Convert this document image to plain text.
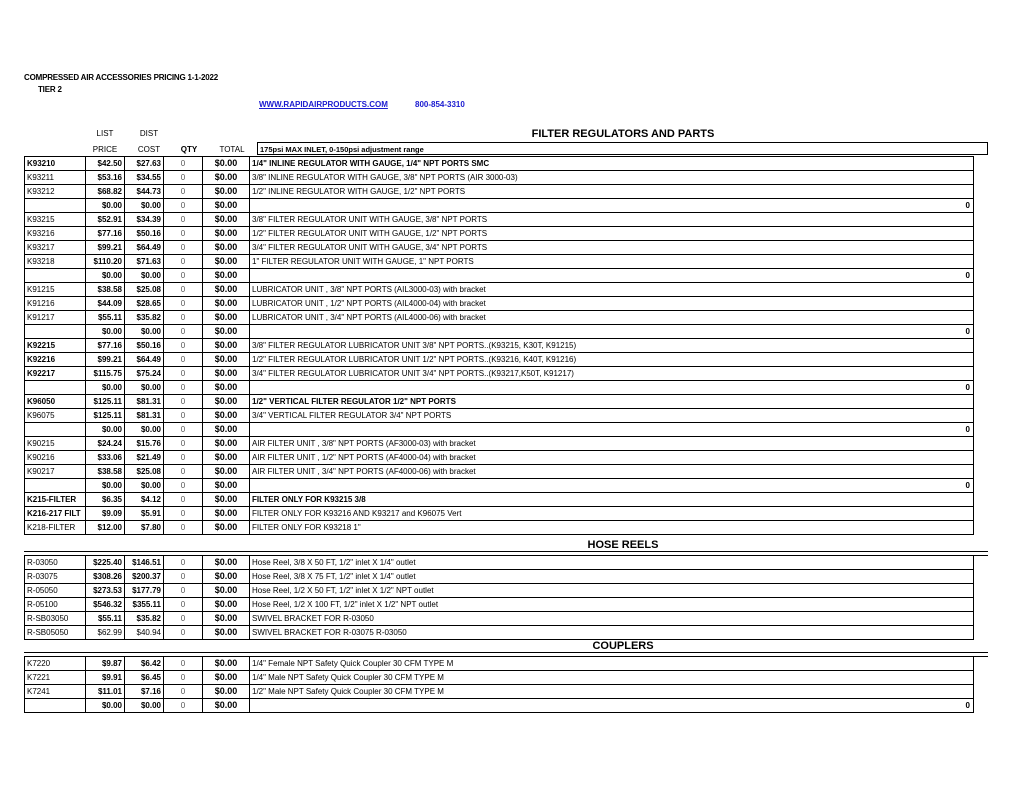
COMPRESSED AIR ACCESSORIES PRICING 1-1-2022
TIER 2
WWW.RAPIDAIRPRODUCTS.COM	800-854-3310
LIST	DIST
PRICE	COST	QTY	TOTAL
FILTER REGULATORS AND PARTS
175psi MAX INLET, 0-150psi adjustment range
K93210	$42.50	$27.63	0	$0.00	1/4" INLINE REGULATOR WITH GAUGE, 1/4" NPT PORTS SMC
K93211	$53.16	$34.55	0	$0.00	3/8" INLINE REGULATOR WITH GAUGE, 3/8" NPT PORTS (AIR 3000-03)
K93212	$68.82	$44.73	0	$0.00	1/2" INLINE REGULATOR WITH GAUGE, 1/2" NPT PORTS
	$0.00	$0.00	0	$0.00	0

K93215	$52.91	$34.39	0	$0.00	3/8" FILTER REGULATOR UNIT WITH GAUGE, 3/8" NPT PORTS
K93216	$77.16	$50.16	0	$0.00	1/2" FILTER REGULATOR UNIT WITH GAUGE, 1/2" NPT PORTS
K93217	$99.21	$64.49	0	$0.00	3/4" FILTER REGULATOR UNIT WITH GAUGE, 3/4" NPT PORTS
K93218	$110.20	$71.63	0	$0.00	1" FILTER REGULATOR UNIT WITH GAUGE, 1" NPT PORTS
	$0.00	$0.00	0	$0.00	0

K91215	$38.58	$25.08	0	$0.00	LUBRICATOR UNIT , 3/8" NPT PORTS (AIL3000-03) with bracket
K91216	$44.09	$28.65	0	$0.00	LUBRICATOR UNIT , 1/2" NPT PORTS (AIL4000-04) with bracket
K91217	$55.11	$35.82	0	$0.00	LUBRICATOR UNIT , 3/4" NPT PORTS (AIL4000-06) with bracket
	$0.00	$0.00	0	$0.00	0

K92215	$77.16	$50.16	0	$0.00	3/8" FILTER REGULATOR LUBRICATOR UNIT 3/8" NPT PORTS..(K93215, K30T, K91215)
K92216	$99.21	$64.49	0	$0.00	1/2" FILTER REGULATOR LUBRICATOR UNIT 1/2" NPT PORTS..(K93216, K40T, K91216)
K92217	$115.75	$75.24	0	$0.00	3/4" FILTER REGULATOR LUBRICATOR UNIT 3/4" NPT PORTS..(K93217,K50T, K91217)
	$0.00	$0.00	0	$0.00	0

K96050	$125.11	$81.31	0	$0.00	1/2" VERTICAL FILTER REGULATOR 1/2" NPT PORTS
K96075	$125.11	$81.31	0	$0.00	3/4" VERTICAL FILTER REGULATOR 3/4" NPT PORTS
	$0.00	$0.00	0	$0.00	0

K90215	$24.24	$15.76	0	$0.00	AIR FILTER UNIT , 3/8" NPT PORTS (AF3000-03) with bracket
K90216	$33.06	$21.49	0	$0.00	AIR FILTER UNIT , 1/2" NPT PORTS (AF4000-04) with bracket
K90217	$38.58	$25.08	0	$0.00	AIR FILTER UNIT , 3/4" NPT PORTS (AF4000-06) with bracket
	$0.00	$0.00	0	$0.00	0

K215-FILTER	$6.35	$4.12	0	$0.00	FILTER ONLY FOR K93215 3/8
K216-217 FILT	$9.09	$5.91	0	$0.00	FILTER ONLY FOR K93216 AND K93217 and K96075 Vert
K218-FILTER	$12.00	$7.80	0	$0.00	FILTER ONLY FOR K93218 1"
HOSE REELS
R-03050	$225.40	$146.51	0	$0.00	Hose Reel, 3/8 X 50 FT, 1/2" inlet X 1/4" outlet
R-03075	$308.26	$200.37	0	$0.00	Hose Reel, 3/8 X 75 FT, 1/2" inlet X 1/4" outlet
R-05050	$273.53	$177.79	0	$0.00	Hose Reel, 1/2 X 50 FT, 1/2" inlet X 1/2" NPT outlet
R-05100	$546.32	$355.11	0	$0.00	Hose Reel, 1/2 X 100 FT, 1/2" inlet X 1/2" NPT outlet
R-SB03050	$55.11	$35.82	0	$0.00	SWIVEL BRACKET FOR R-03050
R-SB05050	$62.99	$40.94	0	$0.00	SWIVEL BRACKET FOR R-03075 R-03050
COUPLERS
K7220	$9.87	$6.42	0	$0.00	1/4" Female NPT Safety Quick Coupler 30 CFM TYPE M
K7221	$9.91	$6.45	0	$0.00	1/4" Male NPT Safety Quick Coupler 30 CFM TYPE M
K7241	$11.01	$7.16	0	$0.00	1/2" Male NPT Safety Quick Coupler 30 CFM TYPE M
	$0.00	$0.00	0	$0.00	0
